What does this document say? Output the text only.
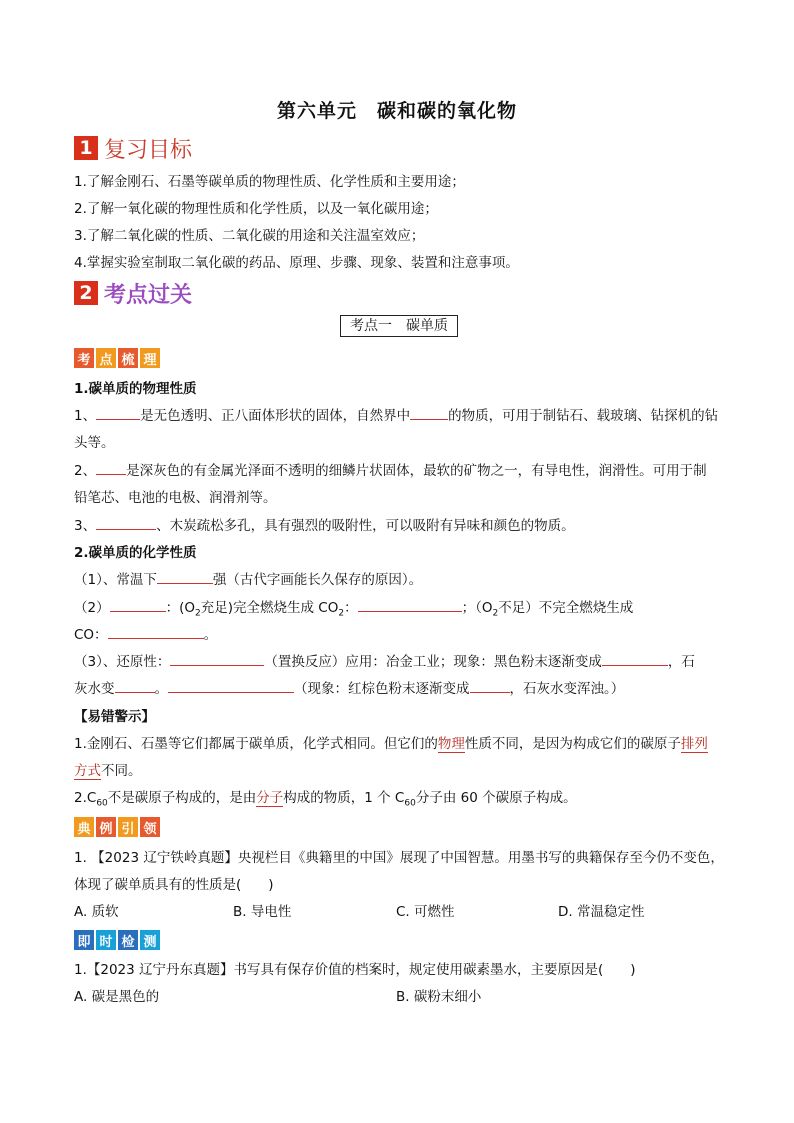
第六单元　碳和碳的氧化物
1 复习目标
1.了解金刚石、石墨等碳单质的物理性质、化学性质和主要用途；
2.了解一氧化碳的物理性质和化学性质，以及一氧化碳用途；
3.了解二氧化碳的性质、二氧化碳的用途和关注温室效应；
4.掌握实验室制取二氧化碳的药品、原理、步骤、现象、装置和注意事项。
2 考点过关
考点一　碳单质
考 点 梳 理
1.碳单质的物理性质
1、	是无色透明、正八面体形状的固体，自然界中	的物质，可用于制钻石、载玻璃、钻探机的钻
头等。
2、 是深灰色的有金属光泽面不透明的细鳞片状固体，最软的矿物之一，有导电性，润滑性。可用于制
铅笔芯、电池的电极、润滑剂等。
3、	、木炭疏松多孔，具有强烈的吸附性，可以吸附有异味和颜色的物质。
2.碳单质的化学性质
（1）、常温下	强（古代字画能长久保存的原因）。
（2）	：($O_2$充足)完全燃烧生成 $CO_2$：	；（$O_2$不足）不完全燃烧生成
CO：	。
（3）、还原性：	（置换反应）应用：冶金工业；现象：黑色粉末逐渐变成	，石
灰水变	。	（现象：红棕色粉末逐渐变成	，石灰水变浑浊。）
【易错警示】
1.金刚石、石墨等它们都属于碳单质，化学式相同。但它们的物理性质不同，是因为构成它们的碳原子排列
方式不同。
$2.C_{60}$不是碳原子构成的，是由分子构成的物质，1 个 $C_{60}$分子由 60 个碳原子构成。
典 例 引 领
1. 【2023 辽宁铁岭真题】央视栏目《典籍里的中国》展现了中国智慧。用墨书写的典籍保存至今仍不变色，
体现了碳单质具有的性质是(　　)
A. 质软	B. 导电性	C. 可燃性	D. 常温稳定性
即 时 检 测
1.【2023 辽宁丹东真题】书写具有保存价值的档案时，规定使用碳素墨水，主要原因是(　　)
A. 碳是黑色的	B. 碳粉末细小
